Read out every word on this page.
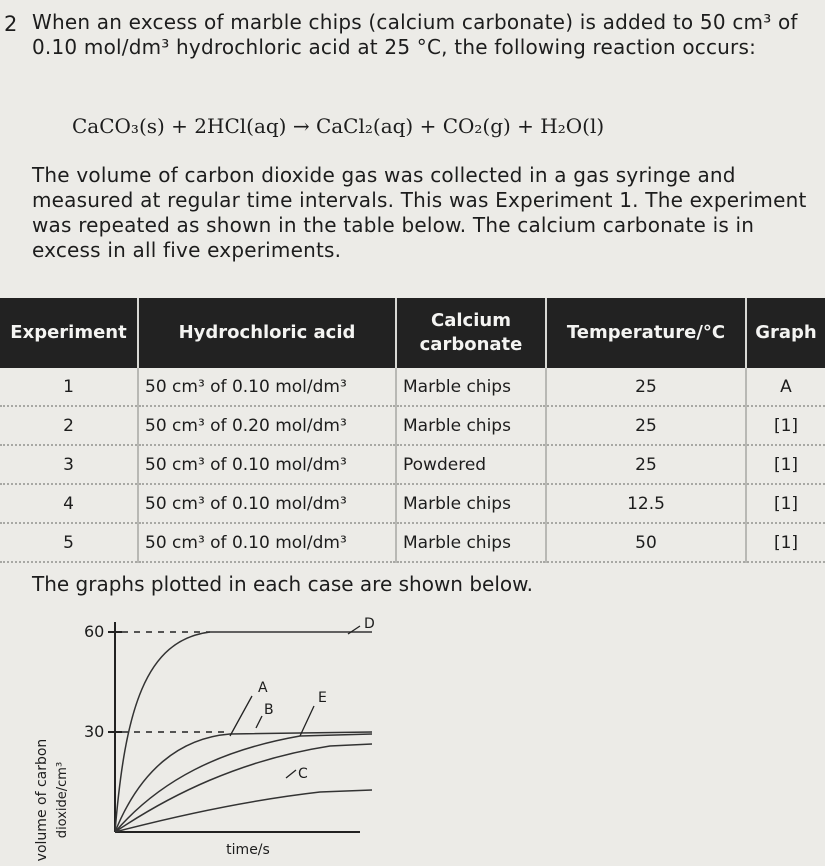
2 When an excess of marble chips (calcium carbonate) is added to 50 cm³ of 0.10 mol/dm³ hydrochloric acid at 25 °C, the following reaction occurs:
CaCO₃(s) + 2HCl(aq) → CaCl₂(aq) + CO₂(g) + H₂O(l)
The volume of carbon dioxide gas was collected in a gas syringe and measured at regular time intervals. This was Experiment 1. The experiment was repeated as shown in the table below. The calcium carbonate is in excess in all five experiments.
Experiment	Hydrochloric acid	Calcium carbonate	Temperature/°C	Graph
1	50 cm³ of 0.10 mol/dm³	Marble chips	25	A
2	50 cm³ of 0.20 mol/dm³	Marble chips	25	[1]
3	50 cm³ of 0.10 mol/dm³	Powdered	25	[1]
4	50 cm³ of 0.10 mol/dm³	Marble chips	12.5	[1]
5	50 cm³ of 0.10 mol/dm³	Marble chips	50	[1]
The graphs plotted in each case are shown below.
volume of carbon dioxide/cm³
60
30
A
B
C
D
E
time/s
